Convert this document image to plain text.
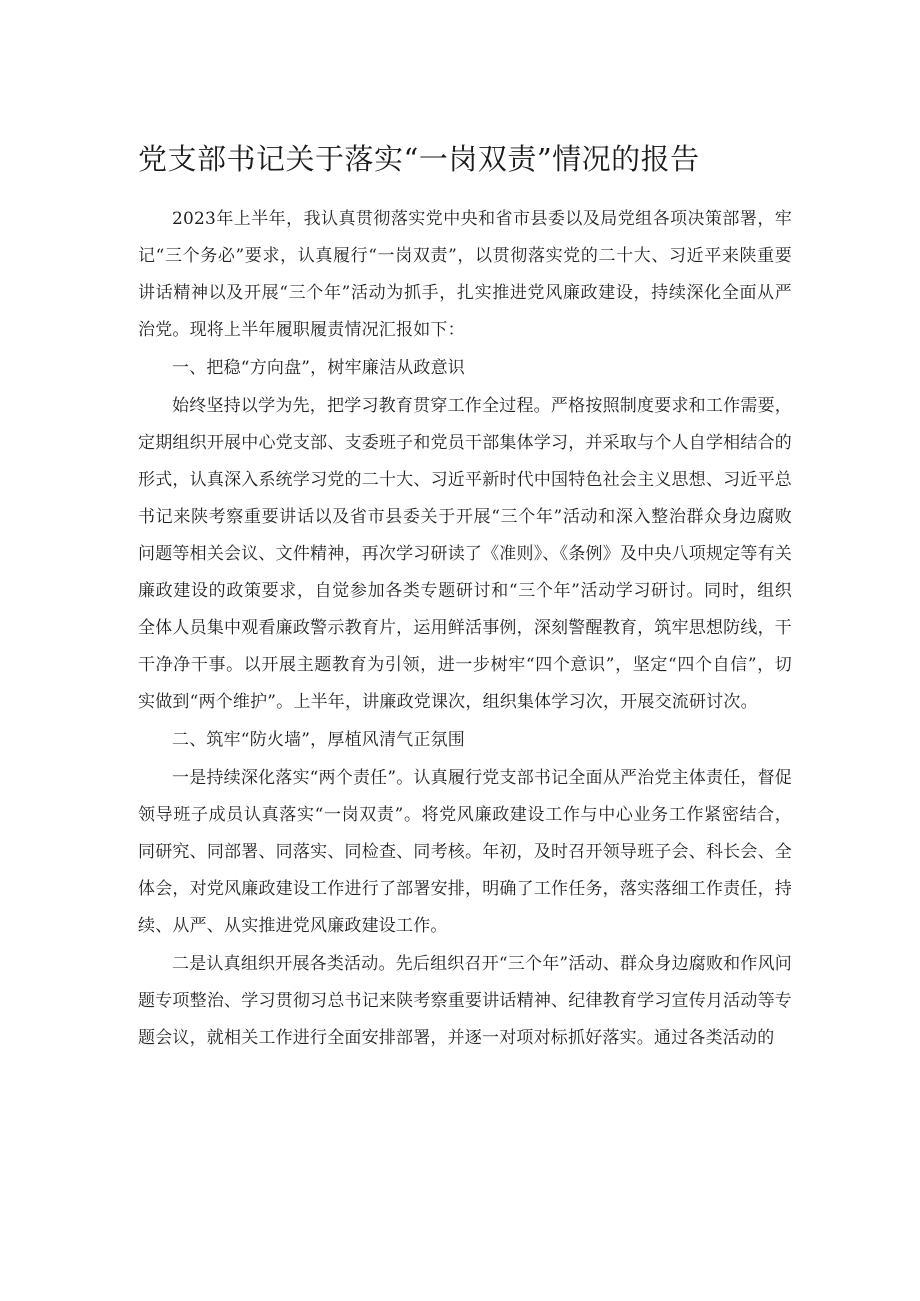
党支部书记关于落实“一岗双责”情况的报告

2023年上半年，我认真贯彻落实党中央和省市县委以及局党组各项决策部署，牢记“三个务必”要求，认真履行“一岗双责”，以贯彻落实党的二十大、习近平来陕重要讲话精神以及开展“三个年”活动为抓手，扎实推进党风廉政建设，持续深化全面从严治党。现将上半年履职履责情况汇报如下：

一、把稳“方向盘”，树牢廉洁从政意识

始终坚持以学为先，把学习教育贯穿工作全过程。严格按照制度要求和工作需要，定期组织开展中心党支部、支委班子和党员干部集体学习，并采取与个人自学相结合的形式，认真深入系统学习党的二十大、习近平新时代中国特色社会主义思想、习近平总书记来陕考察重要讲话以及省市县委关于开展“三个年”活动和深入整治群众身边腐败问题等相关会议、文件精神，再次学习研读了《准则》、《条例》及中央八项规定等有关廉政建设的政策要求，自觉参加各类专题研讨和“三个年”活动学习研讨。同时，组织全体人员集中观看廉政警示教育片，运用鲜活事例，深刻警醒教育，筑牢思想防线，干干净净干事。以开展主题教育为引领，进一步树牢“四个意识”，坚定“四个自信”，切实做到“两个维护”。上半年，讲廉政党课次，组织集体学习次，开展交流研讨次。

二、筑牢“防火墙”，厚植风清气正氛围

一是持续深化落实“两个责任”。认真履行党支部书记全面从严治党主体责任，督促领导班子成员认真落实“一岗双责”。将党风廉政建设工作与中心业务工作紧密结合，同研究、同部署、同落实、同检查、同考核。年初，及时召开领导班子会、科长会、全体会，对党风廉政建设工作进行了部署安排，明确了工作任务，落实落细工作责任，持续、从严、从实推进党风廉政建设工作。

二是认真组织开展各类活动。先后组织召开“三个年”活动、群众身边腐败和作风问题专项整治、学习贯彻习总书记来陕考察重要讲话精神、纪律教育学习宣传月活动等专题会议，就相关工作进行全面安排部署，并逐一对项对标抓好落实。通过各类活动的
